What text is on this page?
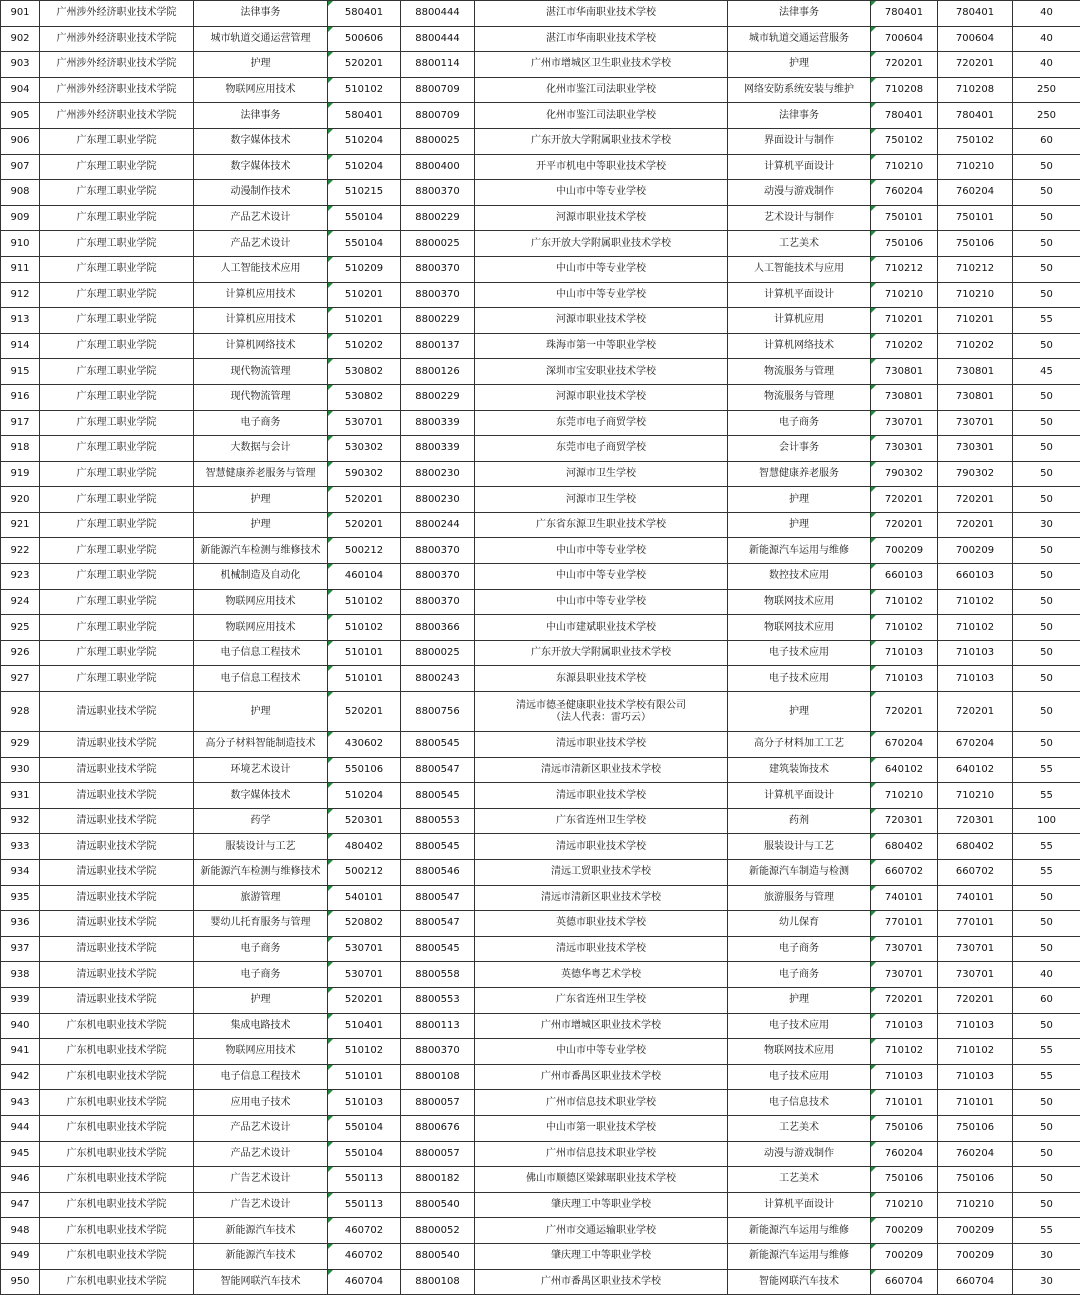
901	广州涉外经济职业技术学院	法律事务	580401	8800444	湛江市华南职业技术学校	法律事务	780401	780401	40

902	广州涉外经济职业技术学院	城市轨道交通运营管理	500606	8800444	湛江市华南职业技术学校	城市轨道交通运营服务	700604	700604	40

903	广州涉外经济职业技术学院	护理	520201	8800114	广州市增城区卫生职业技术学校	护理	720201	720201	40

904	广州涉外经济职业技术学院	物联网应用技术	510102	8800709	化州市鉴江司法职业学校	网络安防系统安装与维护	710208	710208	250

905	广州涉外经济职业技术学院	法律事务	580401	8800709	化州市鉴江司法职业学校	法律事务	780401	780401	250

906	广东理工职业学院	数字媒体技术	510204	8800025	广东开放大学附属职业技术学校	界面设计与制作	750102	750102	60

907	广东理工职业学院	数字媒体技术	510204	8800400	开平市机电中等职业技术学校	计算机平面设计	710210	710210	50

908	广东理工职业学院	动漫制作技术	510215	8800370	中山市中等专业学校	动漫与游戏制作	760204	760204	50

909	广东理工职业学院	产品艺术设计	550104	8800229	河源市职业技术学校	艺术设计与制作	750101	750101	50

910	广东理工职业学院	产品艺术设计	550104	8800025	广东开放大学附属职业技术学校	工艺美术	750106	750106	50

911	广东理工职业学院	人工智能技术应用	510209	8800370	中山市中等专业学校	人工智能技术与应用	710212	710212	50

912	广东理工职业学院	计算机应用技术	510201	8800370	中山市中等专业学校	计算机平面设计	710210	710210	50

913	广东理工职业学院	计算机应用技术	510201	8800229	河源市职业技术学校	计算机应用	710201	710201	55

914	广东理工职业学院	计算机网络技术	510202	8800137	珠海市第一中等职业学校	计算机网络技术	710202	710202	50

915	广东理工职业学院	现代物流管理	530802	8800126	深圳市宝安职业技术学校	物流服务与管理	730801	730801	45

916	广东理工职业学院	现代物流管理	530802	8800229	河源市职业技术学校	物流服务与管理	730801	730801	50

917	广东理工职业学院	电子商务	530701	8800339	东莞市电子商贸学校	电子商务	730701	730701	50

918	广东理工职业学院	大数据与会计	530302	8800339	东莞市电子商贸学校	会计事务	730301	730301	50

919	广东理工职业学院	智慧健康养老服务与管理	590302	8800230	河源市卫生学校	智慧健康养老服务	790302	790302	50

920	广东理工职业学院	护理	520201	8800230	河源市卫生学校	护理	720201	720201	50

921	广东理工职业学院	护理	520201	8800244	广东省东源卫生职业技术学校	护理	720201	720201	30

922	广东理工职业学院	新能源汽车检测与维修技术	500212	8800370	中山市中等专业学校	新能源汽车运用与维修	700209	700209	50

923	广东理工职业学院	机械制造及自动化	460104	8800370	中山市中等专业学校	数控技术应用	660103	660103	50

924	广东理工职业学院	物联网应用技术	510102	8800370	中山市中等专业学校	物联网技术应用	710102	710102	50

925	广东理工职业学院	物联网应用技术	510102	8800366	中山市建斌职业技术学校	物联网技术应用	710102	710102	50

926	广东理工职业学院	电子信息工程技术	510101	8800025	广东开放大学附属职业技术学校	电子技术应用	710103	710103	50

927	广东理工职业学院	电子信息工程技术	510101	8800243	东源县职业技术学校	电子技术应用	710103	710103	50

928	清远职业技术学院	护理	520201	8800756	清远市德圣健康职业技术学校有限公司
（法人代表：雷巧云）	护理	720201	720201	50

929	清远职业技术学院	高分子材料智能制造技术	430602	8800545	清远市职业技术学校	高分子材料加工工艺	670204	670204	50

930	清远职业技术学院	环境艺术设计	550106	8800547	清远市清新区职业技术学校	建筑装饰技术	640102	640102	55

931	清远职业技术学院	数字媒体技术	510204	8800545	清远市职业技术学校	计算机平面设计	710210	710210	55

932	清远职业技术学院	药学	520301	8800553	广东省连州卫生学校	药剂	720301	720301	100

933	清远职业技术学院	服装设计与工艺	480402	8800545	清远市职业技术学校	服装设计与工艺	680402	680402	55

934	清远职业技术学院	新能源汽车检测与维修技术	500212	8800546	清远工贸职业技术学校	新能源汽车制造与检测	660702	660702	55

935	清远职业技术学院	旅游管理	540101	8800547	清远市清新区职业技术学校	旅游服务与管理	740101	740101	50

936	清远职业技术学院	婴幼儿托育服务与管理	520802	8800547	英德市职业技术学校	幼儿保育	770101	770101	50

937	清远职业技术学院	电子商务	530701	8800545	清远市职业技术学校	电子商务	730701	730701	50

938	清远职业技术学院	电子商务	530701	8800558	英德华粤艺术学校	电子商务	730701	730701	40

939	清远职业技术学院	护理	520201	8800553	广东省连州卫生学校	护理	720201	720201	60

940	广东机电职业技术学院	集成电路技术	510401	8800113	广州市增城区职业技术学校	电子技术应用	710103	710103	50

941	广东机电职业技术学院	物联网应用技术	510102	8800370	中山市中等专业学校	物联网技术应用	710102	710102	55

942	广东机电职业技术学院	电子信息工程技术	510101	8800108	广州市番禺区职业技术学校	电子技术应用	710103	710103	55

943	广东机电职业技术学院	应用电子技术	510103	8800057	广州市信息技术职业学校	电子信息技术	710101	710101	50

944	广东机电职业技术学院	产品艺术设计	550104	8800676	中山市第一职业技术学校	工艺美术	750106	750106	50

945	广东机电职业技术学院	产品艺术设计	550104	8800057	广州市信息技术职业学校	动漫与游戏制作	760204	760204	50

946	广东机电职业技术学院	广告艺术设计	550113	8800182	佛山市顺德区梁銶琚职业技术学校	工艺美术	750106	750106	50

947	广东机电职业技术学院	广告艺术设计	550113	8800540	肇庆理工中等职业学校	计算机平面设计	710210	710210	50

948	广东机电职业技术学院	新能源汽车技术	460702	8800052	广州市交通运输职业学校	新能源汽车运用与维修	700209	700209	55

949	广东机电职业技术学院	新能源汽车技术	460702	8800540	肇庆理工中等职业学校	新能源汽车运用与维修	700209	700209	30

950	广东机电职业技术学院	智能网联汽车技术	460704	8800108	广州市番禺区职业技术学校	智能网联汽车技术	660704	660704	30
